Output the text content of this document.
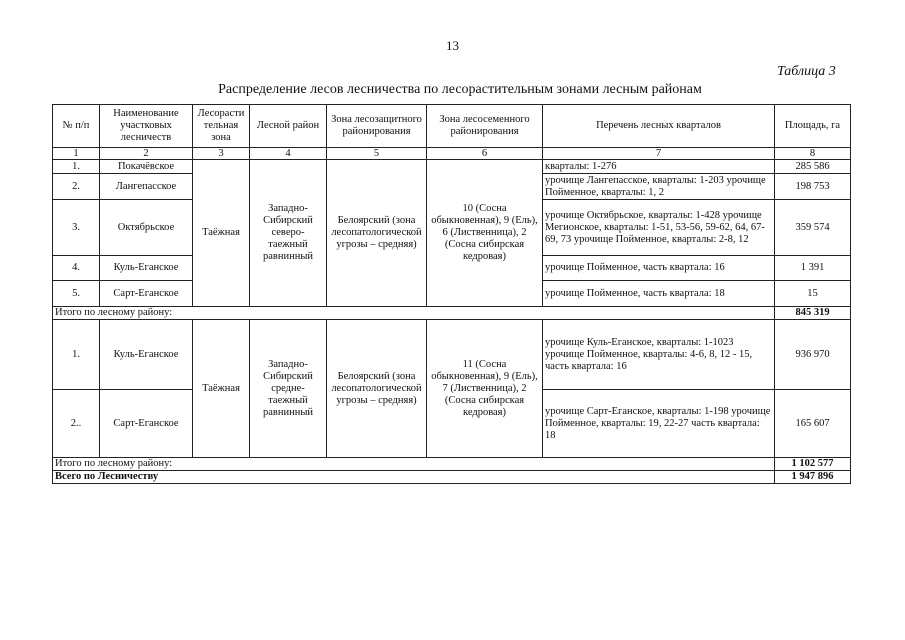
13
Таблица 3
Распределение лесов лесничества по лесорастительным зонами лесным районам
№ п/п	Наименование участковых лесничеств	Лесорасти тельная зона	Лесной район	Зона лесозащитного районирования	Зона лесосеменного районирования	Перечень лесных кварталов	Площадь, га
1	2	3	4	5	6	7	8
1.	Покачёвское	Таёжная	Западно-Сибирский северо-таежный равнинный	Белоярский (зона лесопатологической угрозы – средняя)	10 (Сосна обыкновенная), 9 (Ель), 6 (Лиственница), 2 (Сосна сибирская кедровая)	кварталы: 1-276	285 586
2.	Лангепасское					урочище Лангепасское, кварталы: 1-203 урочище Пойменное, кварталы: 1, 2	198 753
3.	Октябрьское					урочище Октябрьское, кварталы: 1-428 урочище Мегионское, кварталы: 1-51, 53-56, 59-62, 64, 67-69, 73 урочище Пойменное, кварталы: 2-8, 12	359 574
4.	Куль-Еганское					урочище Пойменное, часть квартала: 16	1 391
5.	Сарт-Еганское					урочище Пойменное, часть квартала: 18	15
Итого по лесному району:							845 319
1.	Куль-Еганское	Таёжная	Западно-Сибирский средне-таежный равнинный	Белоярский (зона лесопатологической угрозы – средняя)	11 (Сосна обыкновенная), 9 (Ель), 7 (Лиственница), 2 (Сосна сибирская кедровая)	урочище Куль-Еганское, кварталы: 1-1023 урочище Пойменное, кварталы: 4-6, 8, 12 - 15, часть квартала: 16	936 970
2..	Сарт-Еганское					урочище Сарт-Еганское, кварталы: 1-198 урочище Пойменное, кварталы: 19, 22-27 часть квартала: 18	165 607
Итого по лесному району:							1 102 577
Всего по Лесничеству							1 947 896
